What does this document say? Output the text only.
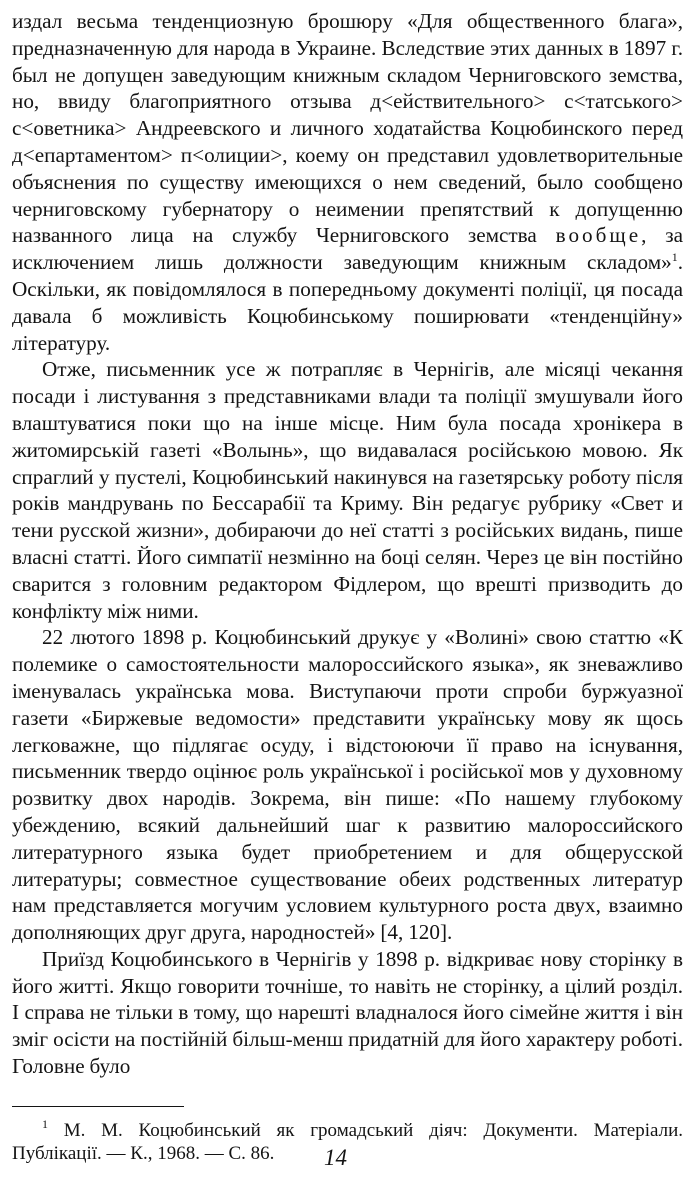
издал весьма тенденциозную брошюру «Для общественного блага», предназначенную для народа в Украине. Вследствие этих данных в 1897 г. был не допущен заведующим книжным складом Черниговского земства, но, ввиду благоприятного отзыва д<ействительного> с<татського> с<оветника> Андреевского и личного ходатайства Коцюбинского перед д<епартаментом> п<олиции>, коему он представил удовлетворительные объяснения по существу имеющихся о нем сведений, было сообщено черниговскому губернатору о неимении препятствий к допущенню названного лица на службу Черниговского земства вообще, за исключением лишь должности заведующим книжным складом»$^1$. Оскільки, як повідомлялося в попередньому документі поліції, ця посада давала б можливість Коцюбинському поширювати «тенденційну» літературу.

Отже, письменник усе ж потрапляє в Чернігів, але місяці чекання посади і листування з представниками влади та поліції змушували його влаштуватися поки що на інше місце. Ним була посада хронікера в житомирській газеті «Волынь», що видавалася російською мовою. Як спраглий у пустелі, Коцюбинський накинувся на газетярську роботу після років мандрувань по Бессарабії та Криму. Він редагує рубрику «Свет и тени русской жизни», добираючи до неї статті з російських видань, пише власні статті. Його симпатії незмінно на боці селян. Через це він постійно сварится з головним редактором Фідлером, що врешті призводить до конфлікту між ними.

22 лютого 1898 р. Коцюбинський друкує у «Волині» свою статтю «К полемике о самостоятельности малороссийского языка», як зневажливо іменувалась українська мова. Виступаючи проти спроби буржуазної газети «Биржевые ведомости» представити українську мову як щось легковажне, що підлягає осуду, і відстоюючи її право на існування, письменник твердо оцінює роль української і російської мов у духовному розвитку двох народів. Зокрема, він пише: «По нашему глубокому убеждению, всякий дальнейший шаг к развитию малороссийского литературного языка будет приобретением и для общерусской литературы; совместное существование обеих родственных литератур нам представляется могучим условием культурного роста двух, взаимно дополняющих друг друга, народностей» [4, 120].

Приїзд Коцюбинського в Чернігів у 1898 р. відкриває нову сторінку в його житті. Якщо говорити точніше, то навіть не сторінку, а цілий розділ. І справа не тільки в тому, що нарешті владналося його сімейне життя і він зміг осісти на постійній більш-менш придатній для його характеру роботі. Головне було

$^1$ М. М. Коцюбинський як громадський діяч: Документи. Матеріали. Публікації. — К., 1968. — С. 86.	14
